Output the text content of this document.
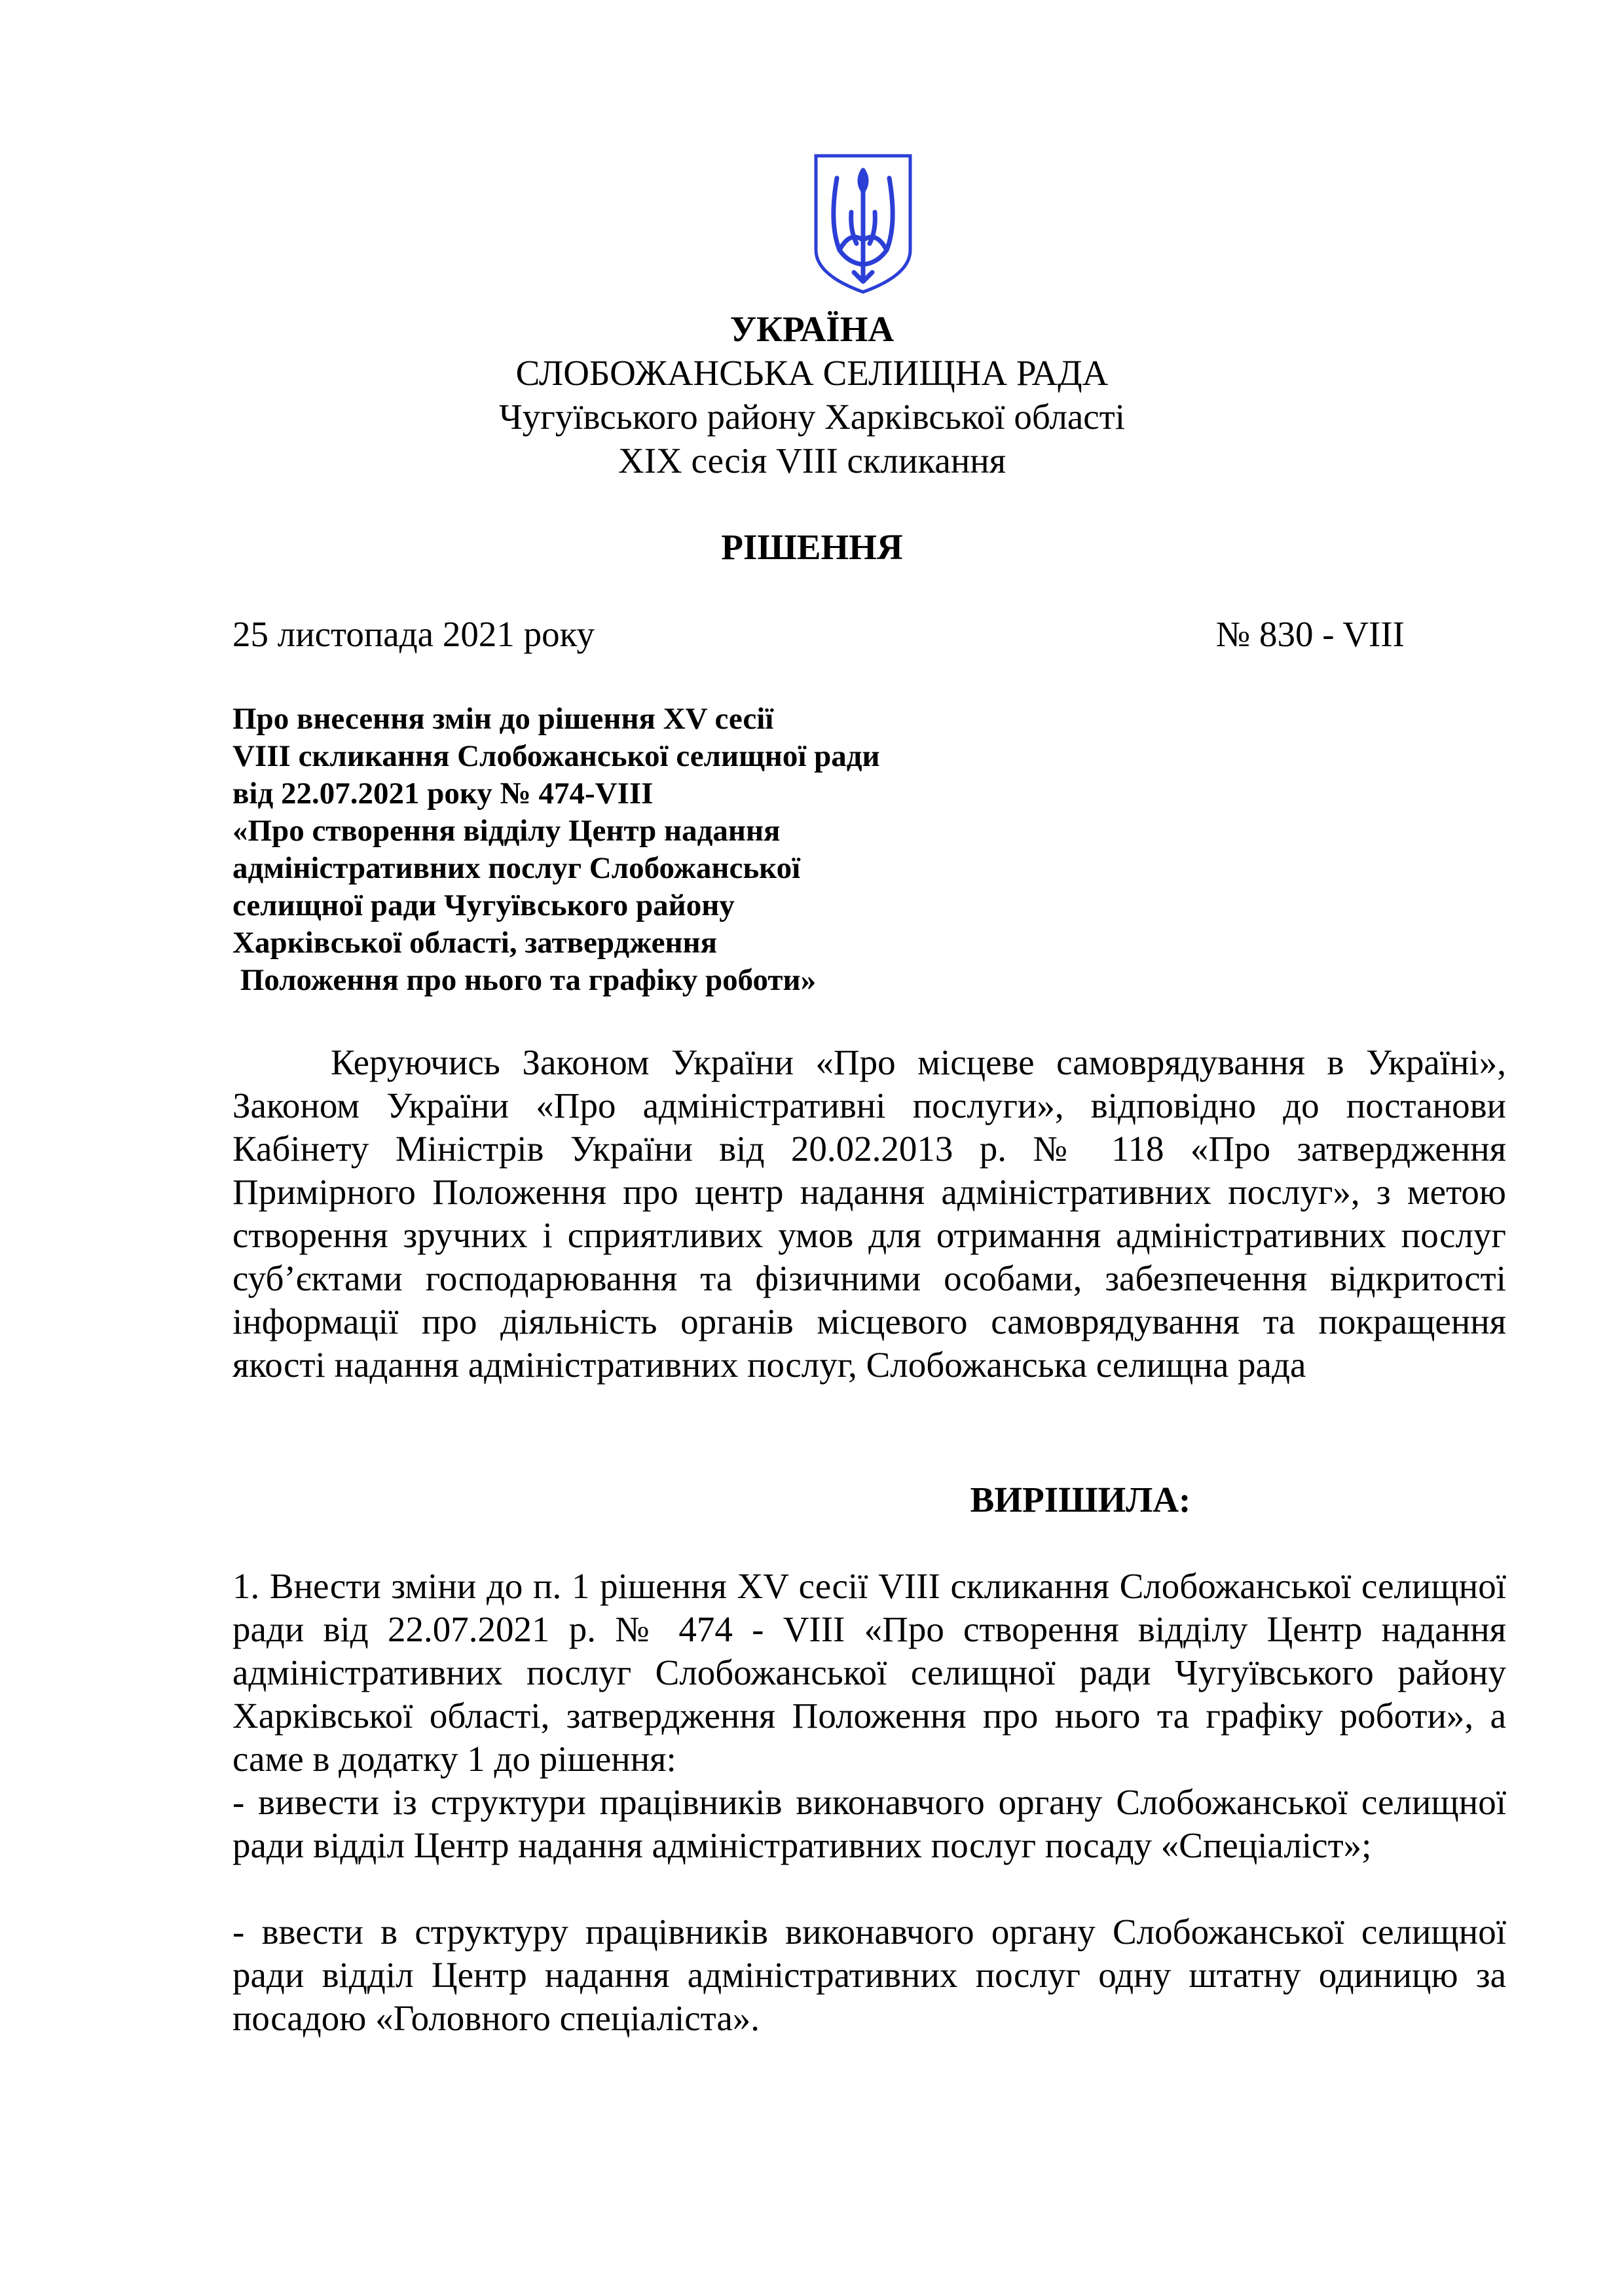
УКРАЇНА
СЛОБОЖАНСЬКА СЕЛИЩНА РАДА
Чугуївського району Харківської області
XIX сесія VIII скликання
РІШЕННЯ
25 листопада 2021 року	№ 830 - VIII
Про внесення змін до рішення XV сесії
VIII скликання Слобожанської селищної ради
від 22.07.2021 року № 474-VIII
«Про створення відділу Центр надання
адміністративних послуг Слобожанської
селищної ради Чугуївського району
Харківської області, затвердження
Положення про нього та графіку роботи»
Керуючись Законом України «Про місцеве самоврядування в Україні», Законом України «Про адміністративні послуги», відповідно до постанови Кабінету Міністрів України від 20.02.2013 р. № 118 «Про затвердження Примірного Положення про центр надання адміністративних послуг», з метою створення зручних і сприятливих умов для отримання адміністративних послуг суб’єктами господарювання та фізичними особами, забезпечення відкритості інформації про діяльність органів місцевого самоврядування та покращення якості надання адміністративних послуг, Слобожанська селищна рада
ВИРІШИЛА:
1. Внести зміни до п. 1 рішення XV сесії VIII скликання Слобожанської селищної ради від 22.07.2021 р. № 474 - VIII «Про створення відділу Центр надання адміністративних послуг Слобожанської селищної ради Чугуївського району Харківської області, затвердження Положення про нього та графіку роботи», а саме в додатку 1 до рішення:
- вивести із структури працівників виконавчого органу Слобожанської селищної ради відділ Центр надання адміністративних послуг посаду «Спеціаліст»;
- ввести в структуру працівників виконавчого органу Слобожанської селищної ради відділ Центр надання адміністративних послуг одну штатну одиницю за посадою «Головного спеціаліста».
